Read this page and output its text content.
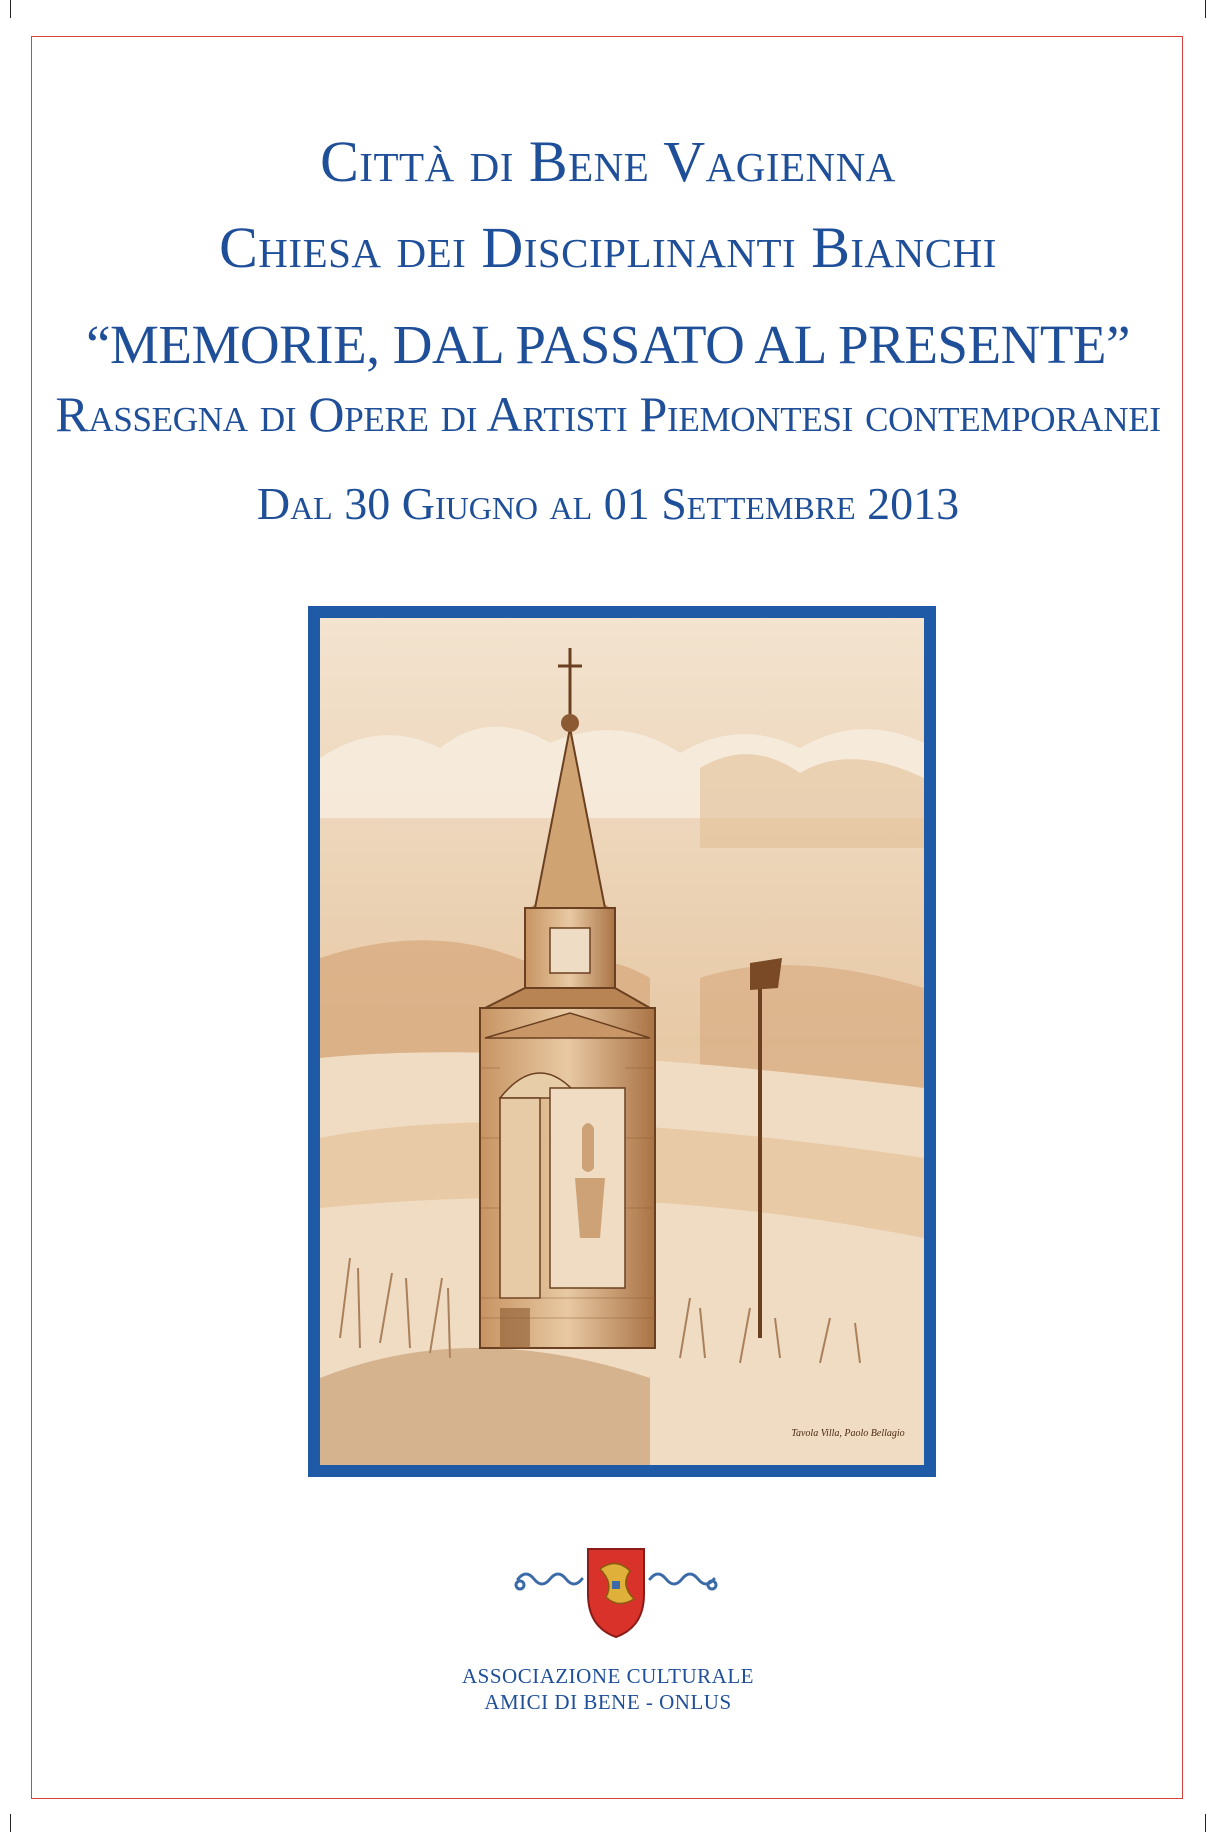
Città di Bene Vagienna
Chiesa dei Disciplinanti Bianchi
“MEMORIE, DAL PASSATO AL PRESENTE”
Rassegna di Opere di Artisti Piemontesi contemporanei
Dal 30 Giugno al 01 Settembre 2013
Tavola Villa, Paolo Bellagio
ASSOCIAZIONE CULTURALE
AMICI DI BENE - ONLUS
